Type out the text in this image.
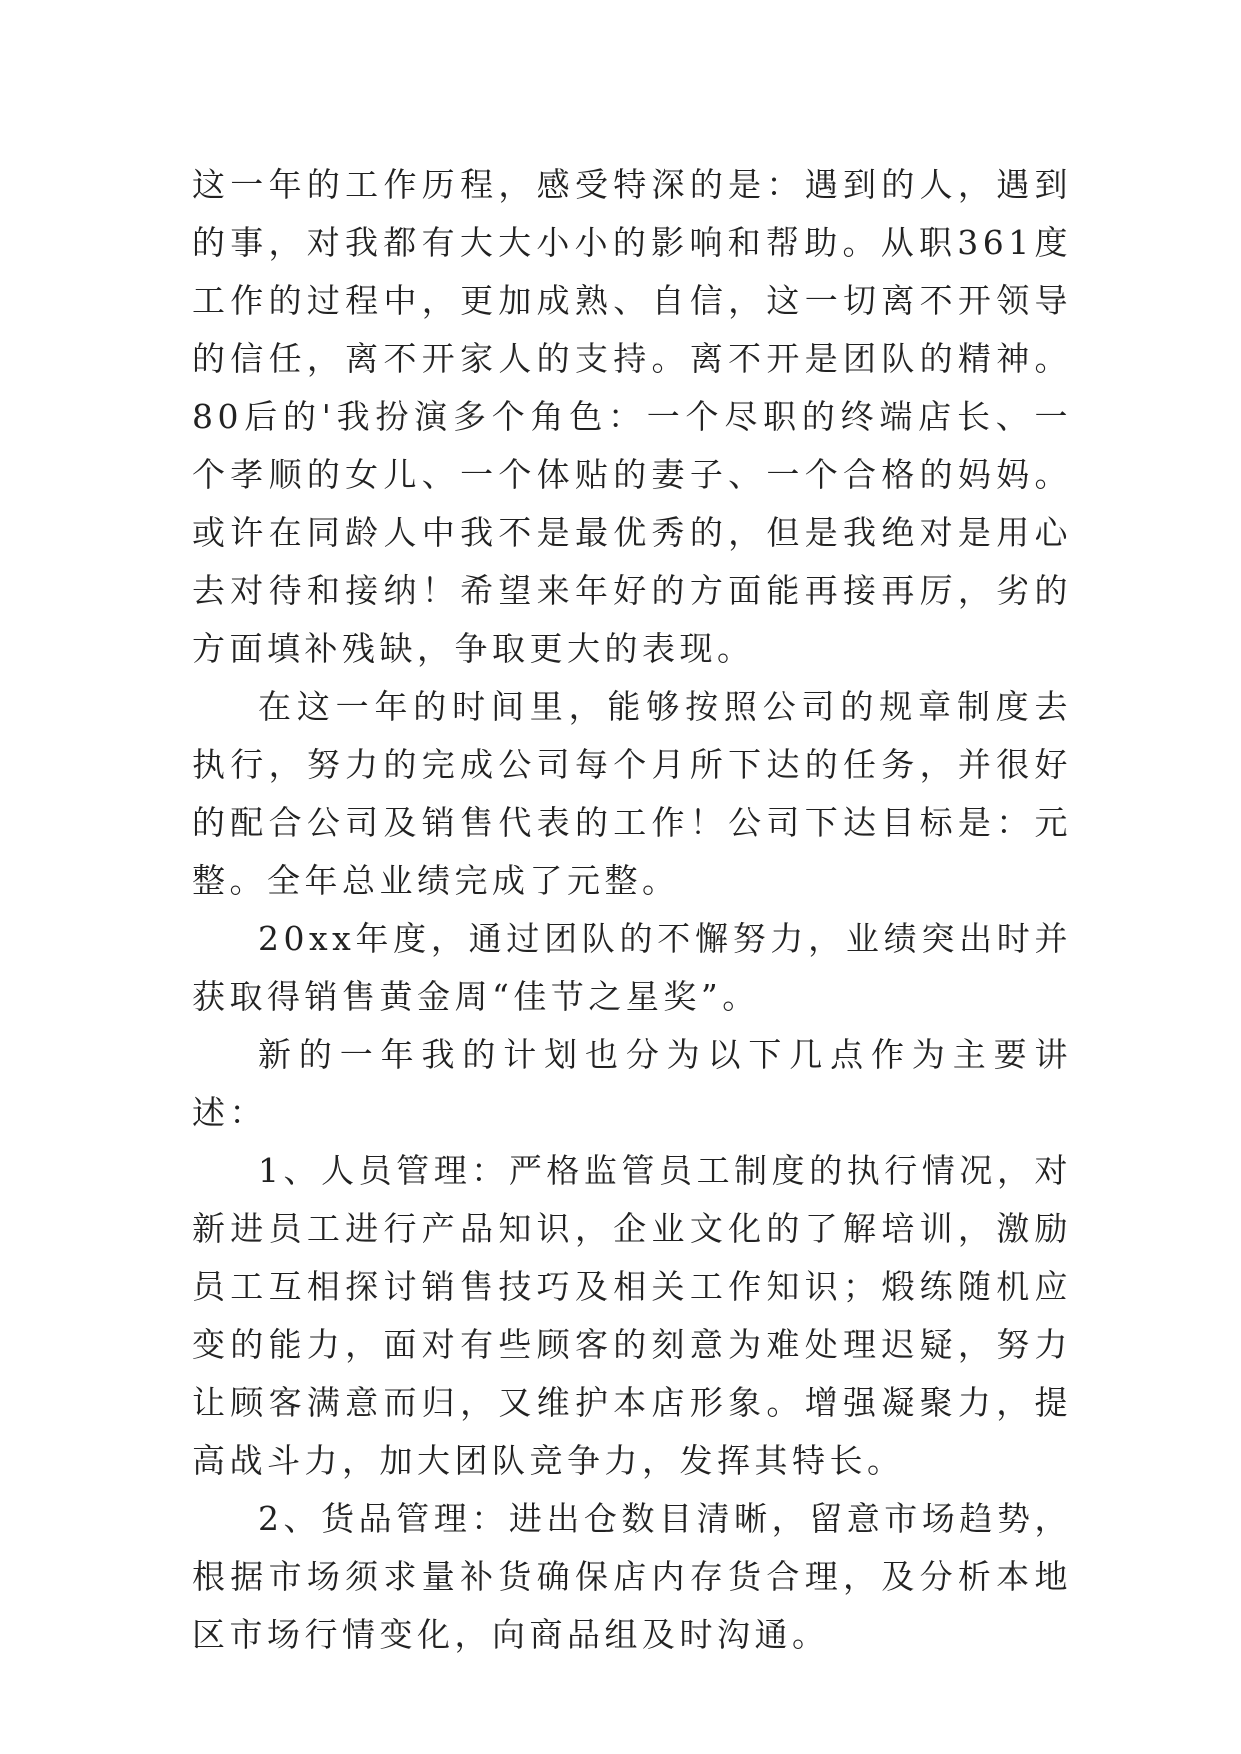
这一年的工作历程，感受特深的是：遇到的人，遇到的事，对我都有大大小小的影响和帮助。从职361度工作的过程中，更加成熟、自信，这一切离不开领导的信任，离不开家人的支持。离不开是团队的精神。80后的'我扮演多个角色：一个尽职的终端店长、一个孝顺的女儿、一个体贴的妻子、一个合格的妈妈。或许在同龄人中我不是最优秀的，但是我绝对是用心去对待和接纳！希望来年好的方面能再接再厉，劣的方面填补残缺，争取更大的表现。

在这一年的时间里，能够按照公司的规章制度去执行，努力的完成公司每个月所下达的任务，并很好的配合公司及销售代表的工作！公司下达目标是：元整。全年总业绩完成了元整。

20xx年度，通过团队的不懈努力，业绩突出时并获取得销售黄金周“佳节之星奖”。

新的一年我的计划也分为以下几点作为主要讲述：

1、人员管理：严格监管员工制度的执行情况，对新进员工进行产品知识，企业文化的了解培训，激励员工互相探讨销售技巧及相关工作知识；煅练随机应变的能力，面对有些顾客的刻意为难处理迟疑，努力让顾客满意而归，又维护本店形象。增强凝聚力，提高战斗力，加大团队竞争力，发挥其特长。

2、货品管理：进出仓数目清晰，留意市场趋势，根据市场须求量补货确保店内存货合理，及分析本地区市场行情变化，向商品组及时沟通。
